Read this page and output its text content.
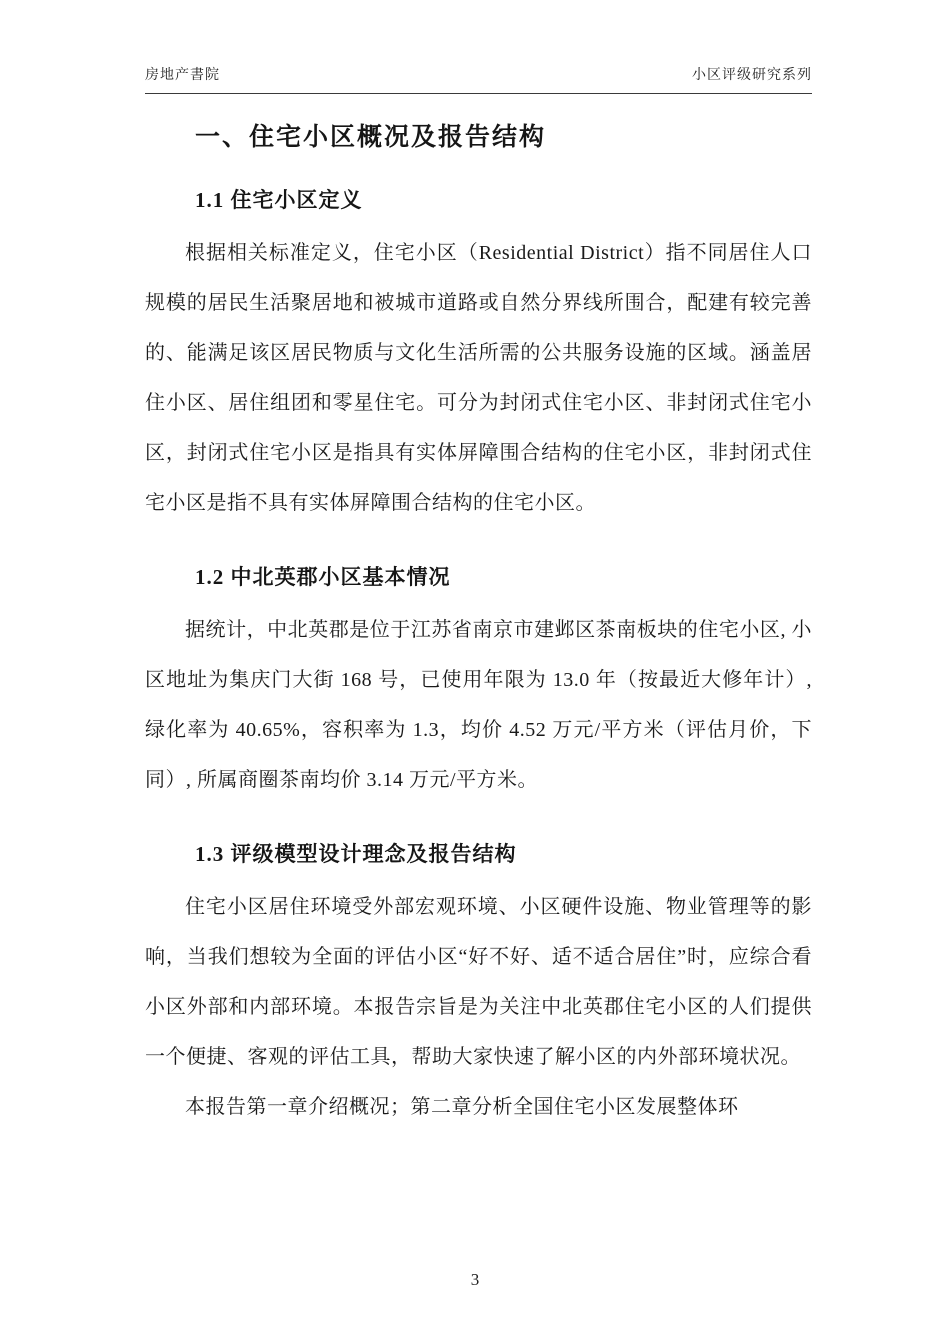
房地产書院	小区评级研究系列
一、住宅小区概况及报告结构
1.1 住宅小区定义

根据相关标准定义，住宅小区（Residential District）指不同居住人口规模的居民生活聚居地和被城市道路或自然分界线所围合，配建有较完善的、能满足该区居民物质与文化生活所需的公共服务设施的区域。涵盖居住小区、居住组团和零星住宅。可分为封闭式住宅小区、非封闭式住宅小区，封闭式住宅小区是指具有实体屏障围合结构的住宅小区，非封闭式住宅小区是指不具有实体屏障围合结构的住宅小区。

1.2 中北英郡小区基本情况

据统计，中北英郡是位于江苏省南京市建邺区茶南板块的住宅小区, 小区地址为集庆门大街 168 号，已使用年限为 13.0 年（按最近大修年计）, 绿化率为 40.65%，容积率为 1.3，均价 4.52 万元/平方米（评估月价，下同）, 所属商圈茶南均价 3.14 万元/平方米。

1.3 评级模型设计理念及报告结构

住宅小区居住环境受外部宏观环境、小区硬件设施、物业管理等的影响，当我们想较为全面的评估小区“好不好、适不适合居住”时，应综合看小区外部和内部环境。本报告宗旨是为关注中北英郡住宅小区的人们提供一个便捷、客观的评估工具，帮助大家快速了解小区的内外部环境状况。

本报告第一章介绍概况；第二章分析全国住宅小区发展整体环

3
